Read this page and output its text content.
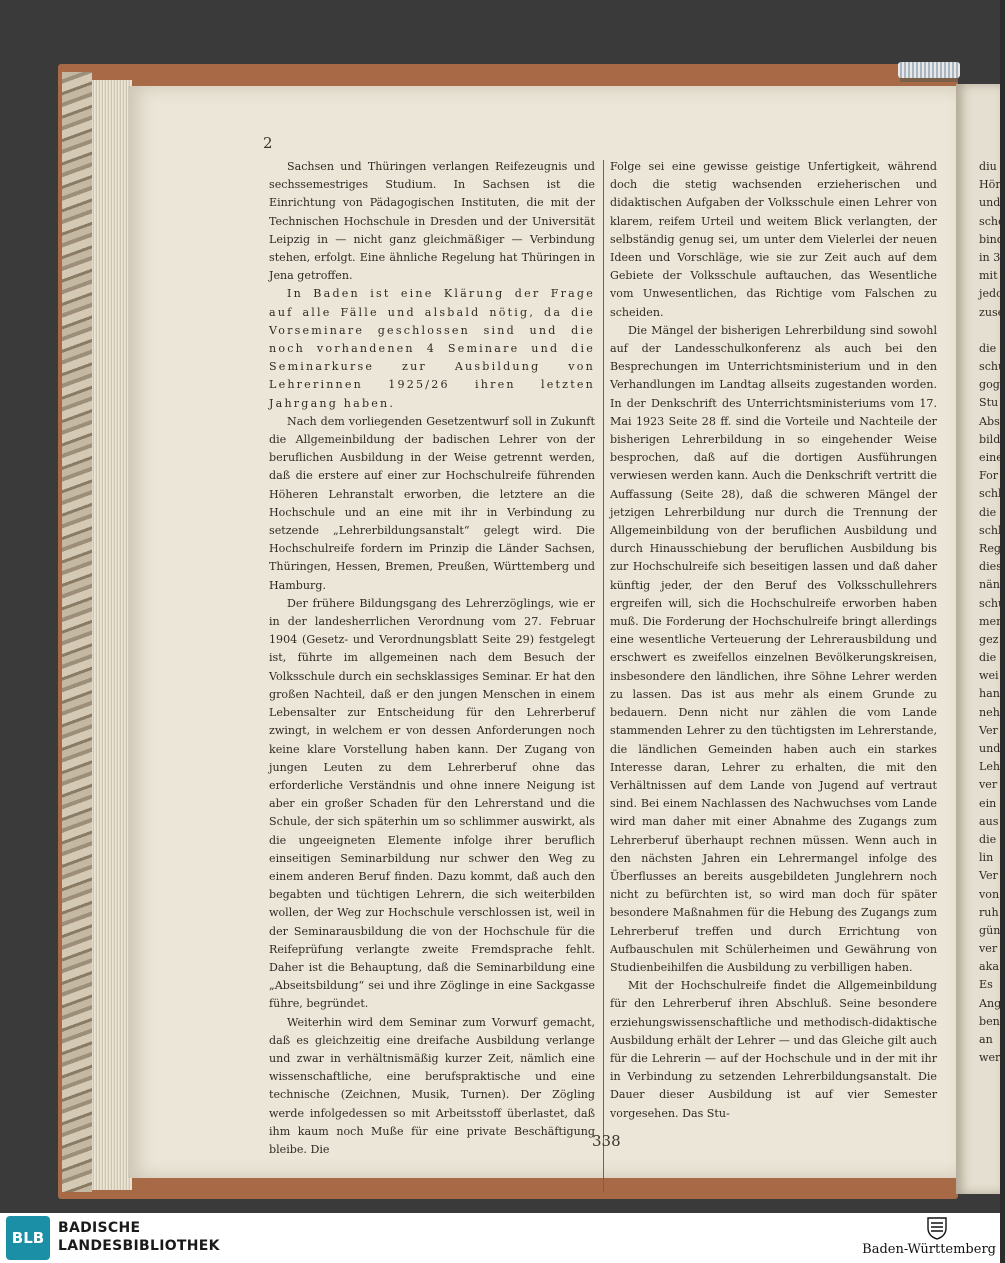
2

Sachsen und Thüringen verlangen Reifezeugnis und sechssemestriges Studium. In Sachsen ist die Einrichtung von Pädagogischen Instituten, die mit der Technischen Hochschule in Dresden und der Universität Leipzig in — nicht ganz gleichmäßiger — Verbindung stehen, erfolgt. Eine ähnliche Regelung hat Thüringen in Jena getroffen.

In Baden ist eine Klärung der Frage auf alle Fälle und alsbald nötig, da die Vorseminare geschlossen sind und die noch vorhandenen 4 Seminare und die Seminarkurse zur Ausbildung von Lehrerinnen 1925/26 ihren letzten Jahrgang haben.

Nach dem vorliegenden Gesetzentwurf soll in Zukunft die Allgemeinbildung der badischen Lehrer von der beruflichen Ausbildung in der Weise getrennt werden, daß die erstere auf einer zur Hochschulreife führenden Höheren Lehranstalt erworben, die letztere an die Hochschule und an eine mit ihr in Verbindung zu setzende „Lehrerbildungsanstalt“ gelegt wird. Die Hochschulreife fordern im Prinzip die Länder Sachsen, Thüringen, Hessen, Bremen, Preußen, Württemberg und Hamburg.

Der frühere Bildungsgang des Lehrerzöglings, wie er in der landesherrlichen Verordnung vom 27. Februar 1904 (Gesetz- und Verordnungsblatt Seite 29) festgelegt ist, führte im allgemeinen nach dem Besuch der Volksschule durch ein sechsklassiges Seminar. Er hat den großen Nachteil, daß er den jungen Menschen in einem Lebensalter zur Entscheidung für den Lehrerberuf zwingt, in welchem er von dessen Anforderungen noch keine klare Vorstellung haben kann. Der Zugang von jungen Leuten zu dem Lehrerberuf ohne das erforderliche Verständnis und ohne innere Neigung ist aber ein großer Schaden für den Lehrerstand und die Schule, der sich späterhin um so schlimmer auswirkt, als die ungeeigneten Elemente infolge ihrer beruflich einseitigen Seminarbildung nur schwer den Weg zu einem anderen Beruf finden. Dazu kommt, daß auch den begabten und tüchtigen Lehrern, die sich weiterbilden wollen, der Weg zur Hochschule verschlossen ist, weil in der Seminarausbildung die von der Hochschule für die Reifeprüfung verlangte zweite Fremdsprache fehlt. Daher ist die Behauptung, daß die Seminarbildung eine „Abseitsbildung“ sei und ihre Zöglinge in eine Sackgasse führe, begründet.

Weiterhin wird dem Seminar zum Vorwurf gemacht, daß es gleichzeitig eine dreifache Ausbildung verlange und zwar in verhältnismäßig kurzer Zeit, nämlich eine wissenschaftliche, eine berufspraktische und eine technische (Zeichnen, Musik, Turnen). Der Zögling werde infolgedessen so mit Arbeitsstoff überlastet, daß ihm kaum noch Muße für eine private Beschäftigung bleibe. Die

Folge sei eine gewisse geistige Unfertigkeit, während doch die stetig wachsenden erzieherischen und didaktischen Aufgaben der Volksschule einen Lehrer von klarem, reifem Urteil und weitem Blick verlangten, der selbständig genug sei, um unter dem Vielerlei der neuen Ideen und Vorschläge, wie sie zur Zeit auch auf dem Gebiete der Volksschule auftauchen, das Wesentliche vom Unwesentlichen, das Richtige vom Falschen zu scheiden.

Die Mängel der bisherigen Lehrerbildung sind sowohl auf der Landesschulkonferenz als auch bei den Besprechungen im Unterrichtsministerium und in den Verhandlungen im Landtag allseits zugestanden worden. In der Denkschrift des Unterrichtsministeriums vom 17. Mai 1923 Seite 28 ff. sind die Vorteile und Nachteile der bisherigen Lehrerbildung in so eingehender Weise besprochen, daß auf die dortigen Ausführungen verwiesen werden kann. Auch die Denkschrift vertritt die Auffassung (Seite 28), daß die schweren Mängel der jetzigen Lehrerbildung nur durch die Trennung der Allgemeinbildung von der beruflichen Ausbildung und durch Hinausschiebung der beruflichen Ausbildung bis zur Hochschulreife sich beseitigen lassen und daß daher künftig jeder, der den Beruf des Volksschullehrers ergreifen will, sich die Hochschulreife erworben haben muß. Die Forderung der Hochschulreife bringt allerdings eine wesentliche Verteuerung der Lehrerausbildung und erschwert es zweifellos einzelnen Bevölkerungskreisen, insbesondere den ländlichen, ihre Söhne Lehrer werden zu lassen. Das ist aus mehr als einem Grunde zu bedauern. Denn nicht nur zählen die vom Lande stammenden Lehrer zu den tüchtigsten im Lehrerstande, die ländlichen Gemeinden haben auch ein starkes Interesse daran, Lehrer zu erhalten, die mit den Verhältnissen auf dem Lande von Jugend auf vertraut sind. Bei einem Nachlassen des Nachwuchses vom Lande wird man daher mit einer Abnahme des Zugangs zum Lehrerberuf überhaupt rechnen müssen. Wenn auch in den nächsten Jahren ein Lehrermangel infolge des Überflusses an bereits ausgebildeten Junglehrern noch nicht zu befürchten ist, so wird man doch für später besondere Maßnahmen für die Hebung des Zugangs zum Lehrerberuf treffen und durch Errichtung von Aufbauschulen mit Schülerheimen und Gewährung von Studienbeihilfen die Ausbildung zu verbilligen haben.

Mit der Hochschulreife findet die Allgemeinbildung für den Lehrerberuf ihren Abschluß. Seine besondere erziehungswissenschaftliche und methodisch-didaktische Ausbildung erhält der Lehrer — und das Gleiche gilt auch für die Lehrerin — auf der Hochschule und in der mit ihr in Verbindung zu setzenden Lehrerbildungsanstalt. Die Dauer dieser Ausbildung ist auf vier Semester vorgesehen. Das Stu-

338
diu
Hör
und
sche
bind
in 3
mit
jedo
zuse
die
schu
gog
Stu
Abs
bild
eine
For
schl
die
schl
Reg
dies
nän
schu
men
gez
die
wei
han
neh
Ver
und
Leh
ver
ein
aus
die
lin
Ver
von
ruh
gün
ver
aka
Es
Ang
ben
an
wer
BLB
BADISCHE
LANDESBIBLIOTHEK	Baden-Württemberg
